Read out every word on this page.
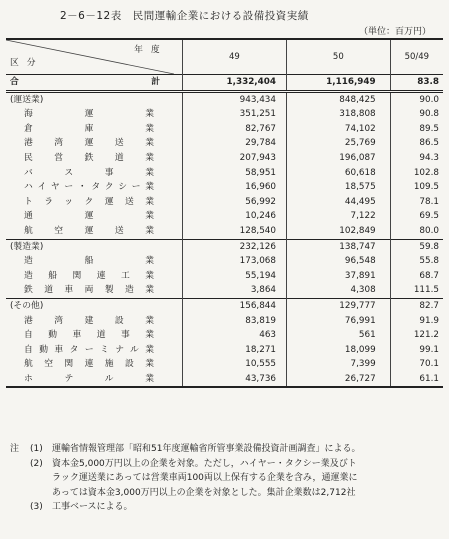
2－6－12表　民間運輸企業における設備投資実績
（単位：百万円）
年度
区分	49	50	50/49
合 計	1,332,404	1,116,949	83.8
(運送業)	943,434	848,425	90.0
海運業	351,251	318,808	90.8
倉庫業	82,767	74,102	89.5
港湾運送業	29,784	25,769	86.5
民営鉄道業	207,943	196,087	94.3
バス事業	58,951	60,618	102.8
ハイヤー・タクシー業	16,960	18,575	109.5
トラック運送業	56,992	44,495	78.1
通運業	10,246	7,122	69.5
航空運送業	128,540	102,849	80.0
(製造業)	232,126	138,747	59.8
造船業	173,068	96,548	55.8
造船関連工業	55,194	37,891	68.7
鉄道車両製造業	3,864	4,308	111.5
(その他)	156,844	129,777	82.7
港湾建設業	83,819	76,991	91.9
自動車道事業	463	561	121.2
自動車ターミナル業	18,271	18,099	99.1
航空関連施設業	10,555	7,399	70.1
ホテル業	43,736	26,727	61.1
注	(1)	運輸省情報管理部「昭和51年度運輸省所管事業設備投資計画調査」による。
(2)	資本金5,000万円以上の企業を対象。ただし，ハイヤー・タクシー業及びト
ラック運送業にあっては営業車両100両以上保有する企業を含み，通運業に
あっては資本金3,000万円以上の企業を対象とした。集計企業数は2,712社
(3)	工事ベースによる。
